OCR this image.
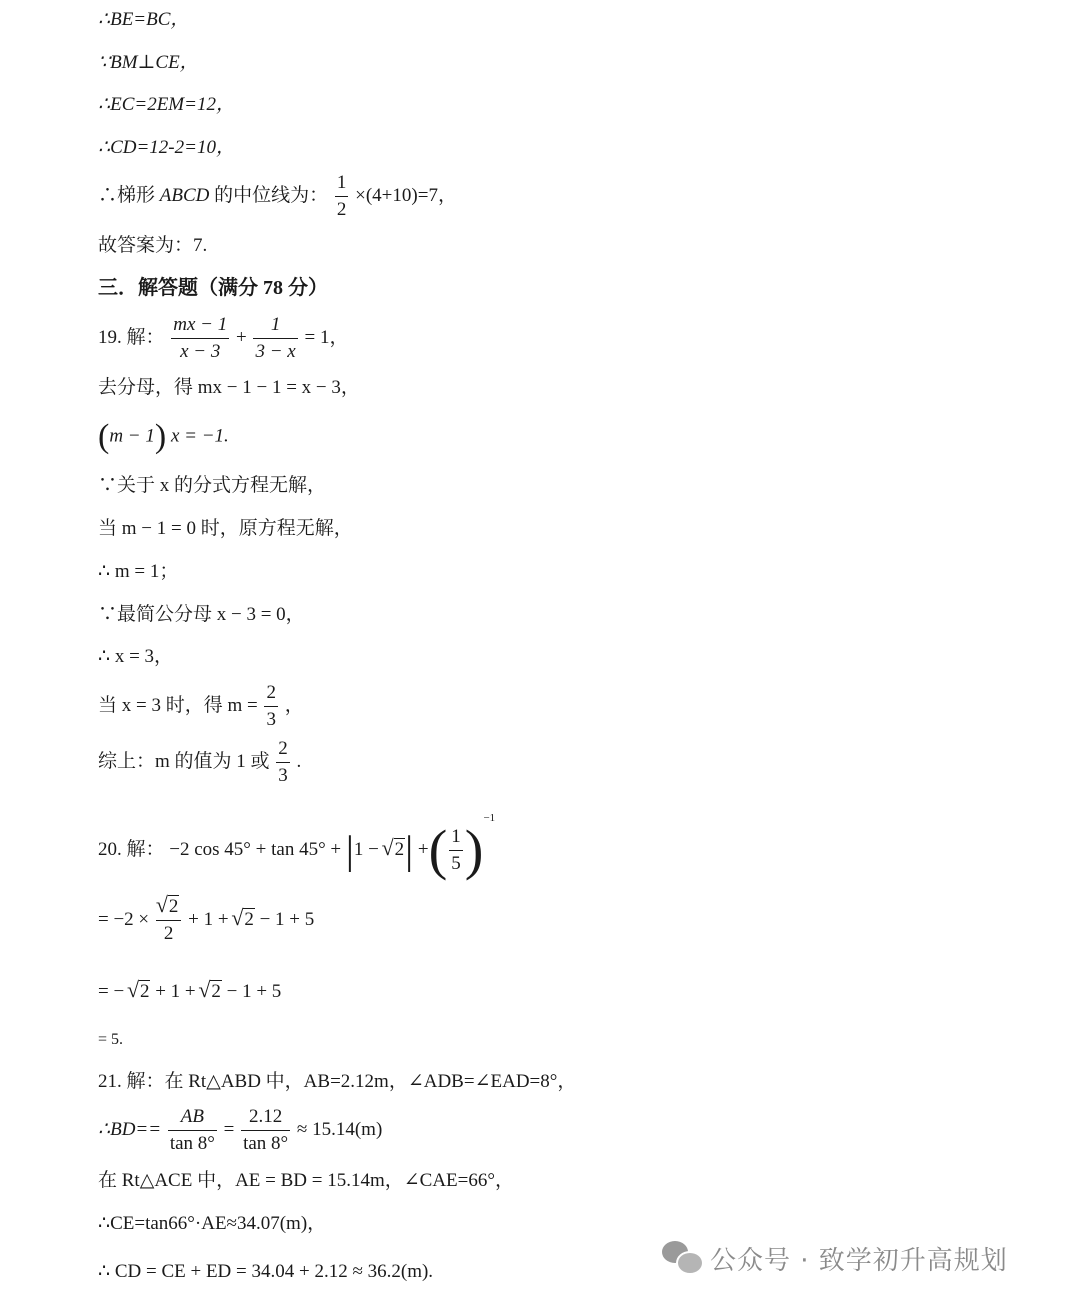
∴BE=BC，
∵BM⊥CE，
∴EC=2EM=12，
∴CD=12-2=10，
∴梯形 ABCD 的中位线为： $\frac{1}{2} \times(4+10)=7$，
故答案为：7.
三．解答题（满分 78 分）
19. 解： $\frac{mx - 1}{x - 3} + \frac{1}{3 - x} = 1$，
去分母，得 mx − 1 − 1 = x − 3，
(m − 1) x = −1.
∵关于 x 的分式方程无解，
当 m − 1 = 0 时，原方程无解，
∴ m = 1；
∵最简公分母 x − 3 = 0，
∴ x = 3，
当 x = 3 时，得 $m = \frac{2}{3}$ ，
综上：m 的值为 1 或 $\frac{2}{3}$ .
20. 解： −2 cos 45° + tan 45° + |1 − √ 2| +( $\frac{1}{5} )^{-1}$
= $-2 \times \frac{√ 2}{2} + 1$ + √ 2 − 1 + 5
= − √ 2 + 1 + √ 2 − 1 + 5
= 5.
21. 解：在 Rt△ABD 中，AB=2.12m，∠ADB=∠EAD=8°，
∴BD== $\frac{AB}{\tan 8^\circ} = \frac{2.12}{\tan 8^\circ} \approx 15.14(m)$
在 Rt△ACE 中，AE = BD = 15.14m，∠CAE=66°，
∴CE=tan66°·AE≈34.07(m)，
∴ CD = CE + ED = 34.04 + 2.12 ≈ 36.2(m).	公众号 · 致学初升高规划
